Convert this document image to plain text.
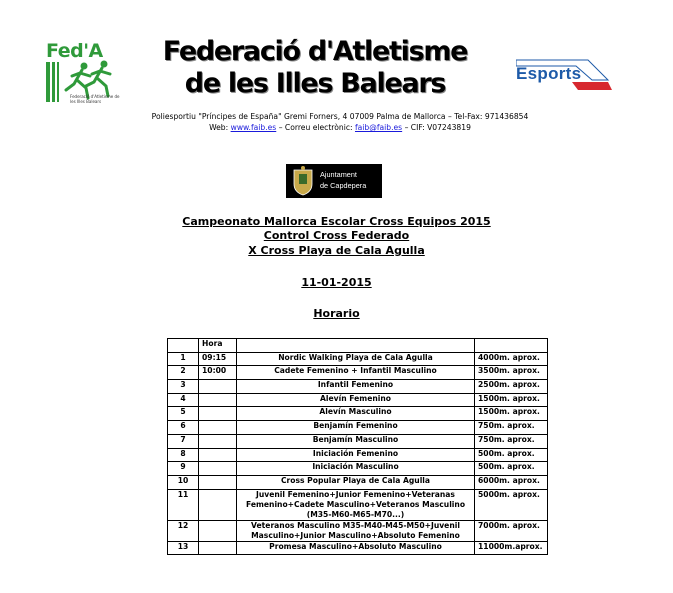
Fed'A
Federació d'Atletisme de les Illes Balears
Federació d'Atletisme
de les Illes Balears	Esports
Poliesportiu "Príncipes de España" Gremi Forners, 4 07009 Palma de Mallorca – Tel-Fax: 971436854
Web: www.faib.es – Correu electrònic: faib@faib.es – CIF: V07243819
Ajuntament
de Capdepera
Campeonato Mallorca Escolar Cross Equipos 2015
Control Cross Federado
X Cross Playa de Cala Agulla
11-01-2015
Horario
	Hora		
1	09:15	Nordic Walking Playa de Cala Agulla	4000m. aprox.
2	10:00	Cadete Femenino + Infantil Masculino	3500m. aprox.
3		Infantil Femenino	2500m. aprox.
4		Alevín Femenino	1500m. aprox.
5		Alevín Masculino	1500m. aprox.
6		Benjamín Femenino	750m. aprox.
7		Benjamín Masculino	750m. aprox.
8		Iniciación Femenino	500m. aprox.
9		Iniciación Masculino	500m. aprox.
10		Cross Popular Playa de Cala Agulla	6000m. aprox.
11		Juvenil Femenino+Junior Femenino+Veteranas Femenino+Cadete Masculino+Veteranos Masculino (M35-M60-M65-M70...)	5000m. aprox.
12		Veteranos Masculino M35-M40-M45-M50+Juvenil Masculino+Junior Masculino+Absoluto Femenino	7000m. aprox.
13		Promesa Masculino+Absoluto Masculino	11000m.aprox.
